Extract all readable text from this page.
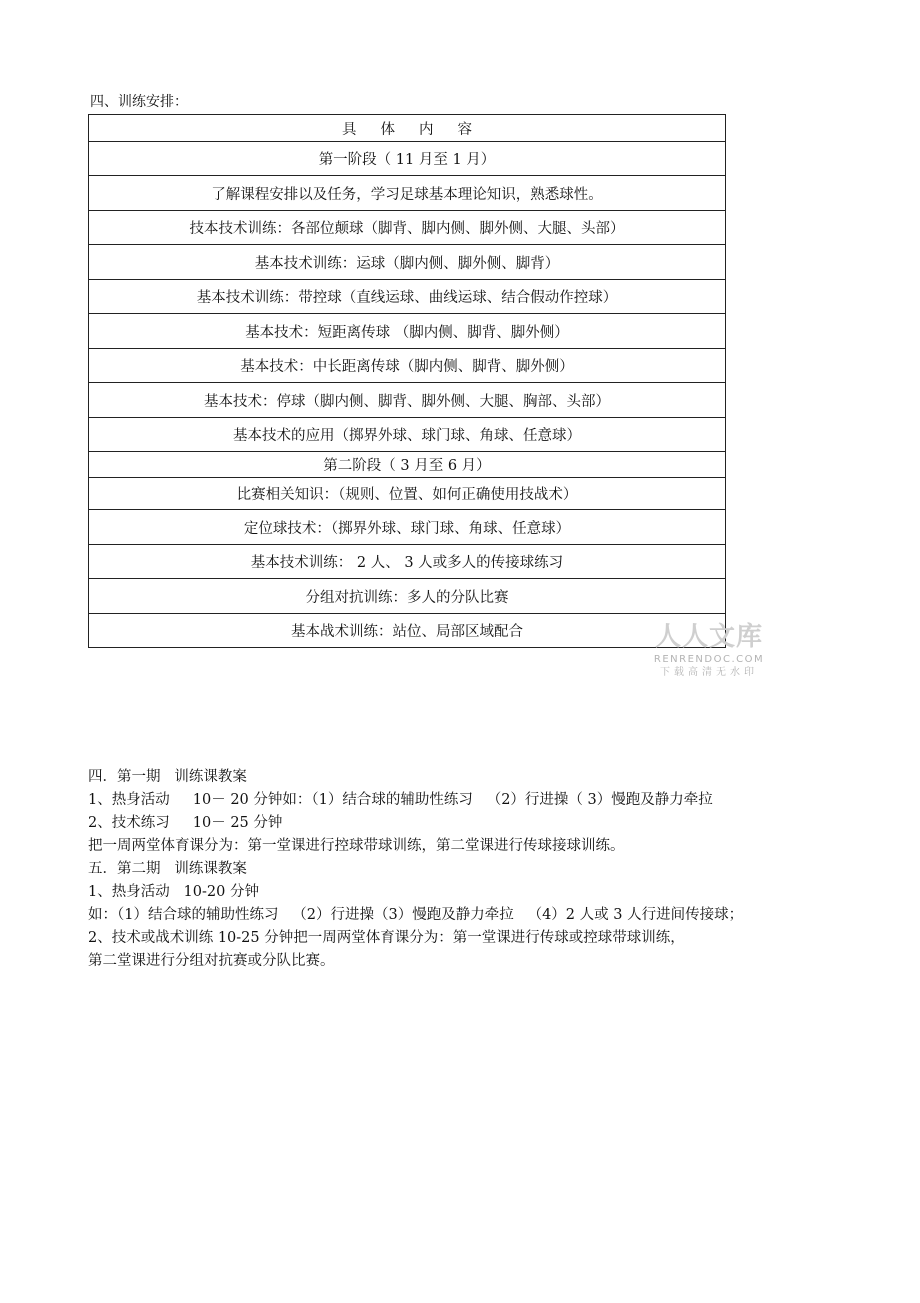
四、训练安排：
具体内容
第一阶段（ 11 月至 1 月）
了解课程安排以及任务，学习足球基本理论知识，熟悉球性。
技本技术训练：各部位颠球（脚背、脚内侧、脚外侧、大腿、头部）
基本技术训练：运球（脚内侧、脚外侧、脚背）
基本技术训练：带控球（直线运球、曲线运球、结合假动作控球）
基本技术：短距离传球 （脚内侧、脚背、脚外侧）
基本技术：中长距离传球（脚内侧、脚背、脚外侧）
基本技术：停球（脚内侧、脚背、脚外侧、大腿、胸部、头部）
基本技术的应用（掷界外球、球门球、角球、任意球）
第二阶段（ 3 月至 6 月）
比赛相关知识：（规则、位置、如何正确使用技战术）
定位球技术：（掷界外球、球门球、角球、任意球）
基本技术训练： 2 人、 3 人或多人的传接球练习
分组对抗训练：多人的分队比赛
基本战术训练：站位、局部区域配合	人人文库
RENRENDOC.COM
下载高清无水印

四．第一期   训练课教案

1、热身活动     10－ 20 分钟如：（1）结合球的辅助性练习   （2）行进操（ 3）慢跑及静力牵拉

2、技术练习     10－ 25 分钟

把一周两堂体育课分为：第一堂课进行控球带球训练，第二堂课进行传球接球训练。

五．第二期   训练课教案

1、热身活动   10-20 分钟

如：（1）结合球的辅助性练习   （2）行进操（3）慢跑及静力牵拉   （4）2 人或 3 人行进间传接球；

2、技术或战术训练 10-25 分钟把一周两堂体育课分为：第一堂课进行传球或控球带球训练，

第二堂课进行分组对抗赛或分队比赛。
